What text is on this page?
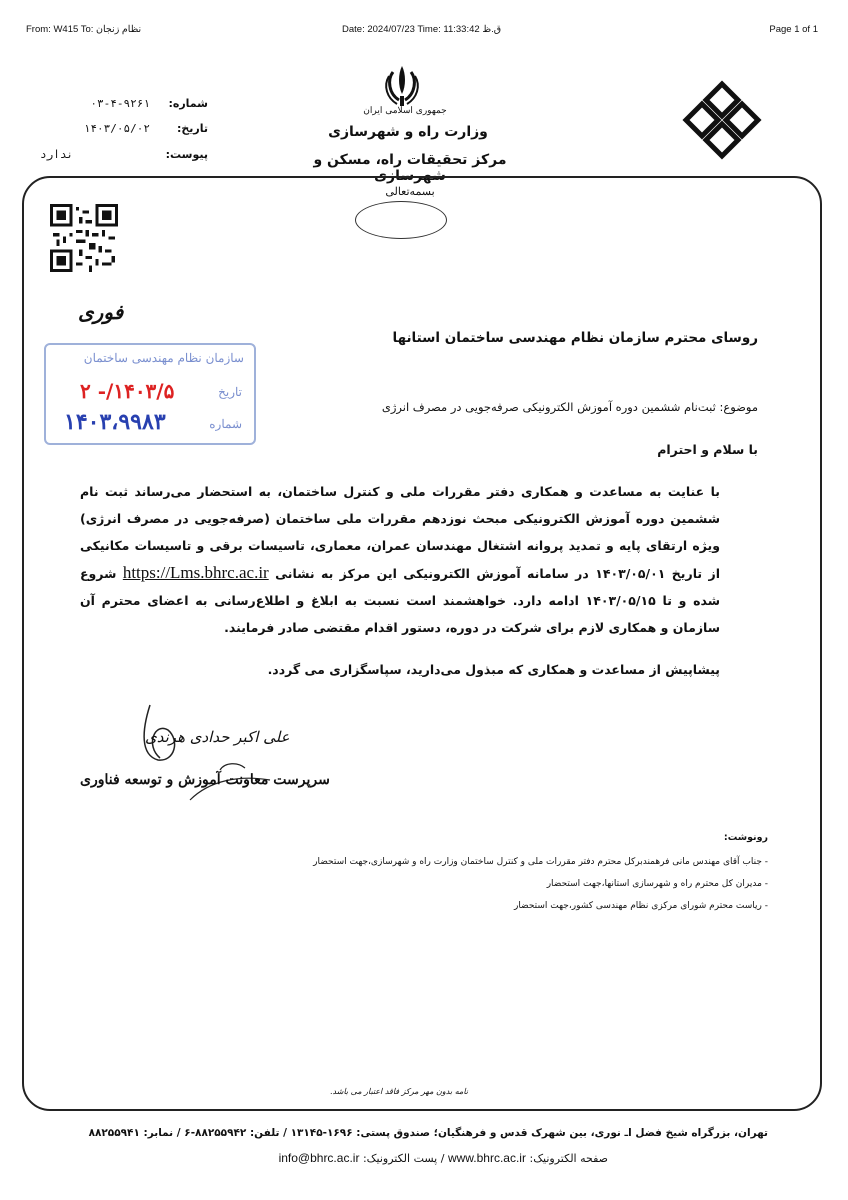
From: W415 To: نظام زنجان	Date: 2024/07/23 Time: 11:33:42 ق.ظ	Page 1 of 1
جمهوری اسلامی ایران
وزارت راه و شهرسازی
مرکز تحقیقات راه، مسکن و شهرسازی
شماره:
۰۳-۴-۹۲۶۱
تاریخ:
۱۴۰۳/۰۵/۰۲
پیوست:
ندارد
بسمه‌تعالی
فوری
سازمان نظام مهندسی ساختمان
تاریخ
۱۴۰۳/۵/- ۲
شماره
۱۴۰۳،۹۹۸۳
روسای محترم سازمان نظام مهندسی ساختمان استانها
موضوع: ثبت‌نام ششمین دوره آموزش الکترونیکی صرفه‌جویی در مصرف انرژی
با سلام و احترام
با عنایت به مساعدت و همکاری دفتر مقررات ملی و کنترل ساختمان، به استحضار می‌رساند ثبت نام ششمین دوره آموزش الکترونیکی مبحث نوزدهم مقررات ملی ساختمان (صرفه‌جویی در مصرف انرژی) ویژه ارتقای پایه و تمدید پروانه اشتغال مهندسان عمران، معماری، تاسیسات برقی و تاسیسات مکانیکی از تاریخ ۱۴۰۳/۰۵/۰۱ در سامانه آموزش الکترونیکی این مرکز به نشانی https://Lms.bhrc.ac.ir شروع شده و تا ۱۴۰۳/۰۵/۱۵ ادامه دارد. خواهشمند است نسبت به ابلاغ و اطلاع‌رسانی به اعضای محترم آن سازمان و همکاری لازم برای شرکت در دوره، دستور اقدام مقتضی صادر فرمایند.
پیشاپیش از مساعدت و همکاری که مبذول می‌دارید، سپاسگزاری می گردد.
علی اکبر حدادی هرندی
سرپرست معاونت آموزش و توسعه فناوری
رونوشت:
- جناب آقای مهندس مانی فرهمندبرکل محترم دفتر مقررات ملی و کنترل ساختمان وزارت راه و شهرسازی،جهت استحضار
- مدیران کل محترم راه و شهرسازی استانها،جهت استحضار
- ریاست محترم شورای مرکزی نظام مهندسی کشور،جهت استحضار
نامه بدون مهر مرکز فاقد اعتبار می باشد.
تهران، بزرگراه شیخ فضل اـ نوری، بین شهرک قدس و فرهنگیان؛ صندوق پستی: ۱۶۹۶-۱۳۱۴۵ / تلفن: ۸۸۲۵۵۹۴۲-۶ / نمابر: ۸۸۲۵۵۹۴۱
صفحه الکترونیک: www.bhrc.ac.ir / پست الکترونیک: info@bhrc.ac.ir
